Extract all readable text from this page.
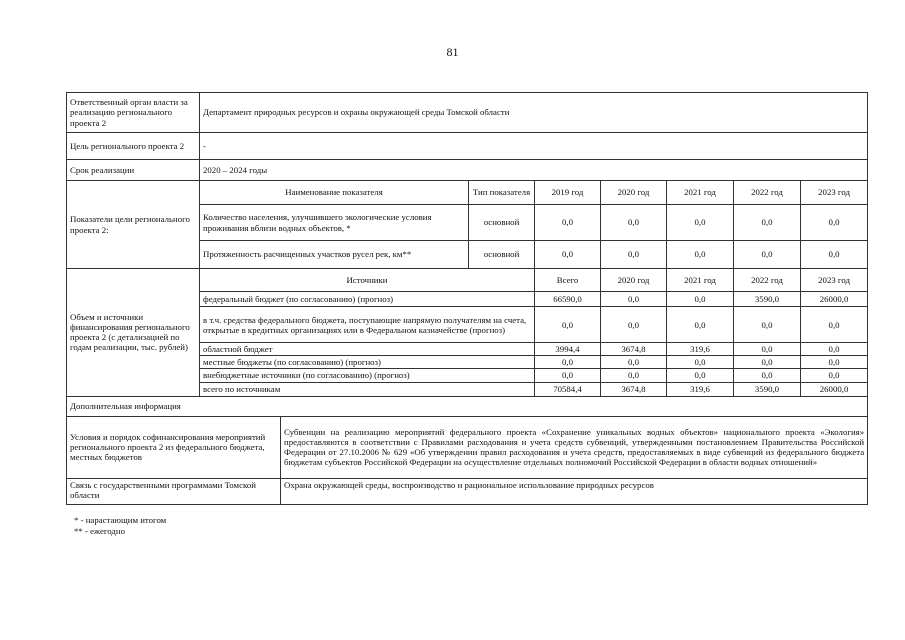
81
Ответственный орган власти за реализацию регионального проекта 2	Департамент природных ресурсов и охраны окружающей среды Томской области								
Цель регионального проекта 2	-								
Срок реализации	2020 – 2024 годы								
Показатели цели регионального проекта 2:	Наименование показателя		Тип показателя	2019 год	2020 год	2021 год	2022 год	2023 год	
	Количество населения, улучшившего экологические условия проживания вблизи водных объектов, *		основной	0,0	0,0	0,0	0,0	0,0	
	Протяженность расчищенных участков русел рек, км**		основной	0,0	0,0	0,0	0,0	0,0	
Объем и источники финансирования регионального проекта 2 (с детализацией по годам реализации, тыс. рублей)	Источники			Всего	2020 год	2021 год	2022 год	2023 год	
	федеральный бюджет (по согласованию) (прогноз)			66590,0	0,0	0,0	3590,0	26000,0	
	в т.ч. средства федерального бюджета, поступающие напрямую получателям на счета, открытые в кредитных организациях или в Федеральном казначействе (прогноз)			0,0	0,0	0,0	0,0	0,0	
	областной бюджет			3994,4	3674,8	319,6	0,0	0,0	
	местные бюджеты (по согласованию) (прогноз)			0,0	0,0	0,0	0,0	0,0	
	внебюджетные источники (по согласованию) (прогноз)			0,0	0,0	0,0	0,0	0,0	
	всего по источникам			70584,4	3674,8	319,6	3590,0	26000,0	
Дополнительная информация									
Условия и порядок софинансирования мероприятий регионального проекта 2 из федерального бюджета, местных бюджетов		Субвенции на реализацию мероприятий федерального проекта «Сохранение уникальных водных объектов» национального проекта «Экология» предоставляются в соответствии с Правилами расходования и учета средств субвенций, утвержденными постановлением Правительства Российской Федерации от 27.10.2006 № 629 «Об утверждении правил расходования и учета средств, предоставляемых в виде субвенций из федерального бюджета бюджетам субъектов Российской Федерации на осуществление отдельных полномочий Российской Федерации в области водных отношений»							
Связь с государственными программами Томской области		Охрана окружающей среды, воспроизводство и рациональное использование природных ресурсов							
* - нарастающим итогом
** - ежегодно
